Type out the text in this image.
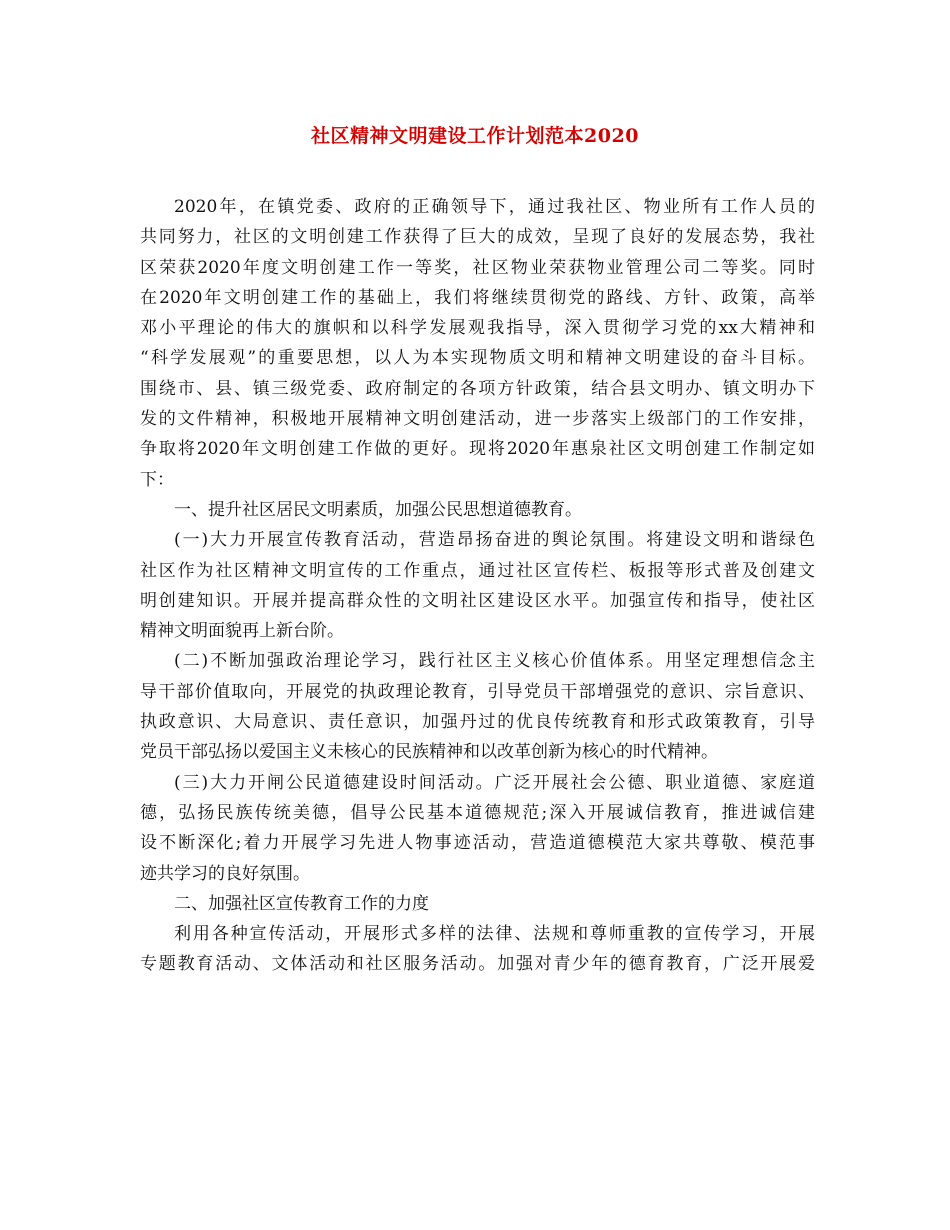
社区精神文明建设工作计划范本2020
2020年，在镇党委、政府的正确领导下，通过我社区、物业所有工作人员的
共同努力，社区的文明创建工作获得了巨大的成效，呈现了良好的发展态势，我社
区荣获2020年度文明创建工作一等奖，社区物业荣获物业管理公司二等奖。同时
在2020年文明创建工作的基础上，我们将继续贯彻党的路线、方针、政策，高举
邓小平理论的伟大的旗帜和以科学发展观我指导，深入贯彻学习党的xx大精神和
“科学发展观”的重要思想，以人为本实现物质文明和精神文明建设的奋斗目标。
围绕市、县、镇三级党委、政府制定的各项方针政策，结合县文明办、镇文明办下
发的文件精神，积极地开展精神文明创建活动，进一步落实上级部门的工作安排，
争取将2020年文明创建工作做的更好。现将2020年惠泉社区文明创建工作制定如
下：
一、提升社区居民文明素质，加强公民思想道德教育。
(一)大力开展宣传教育活动，营造昂扬奋进的舆论氛围。将建设文明和谐绿色
社区作为社区精神文明宣传的工作重点，通过社区宣传栏、板报等形式普及创建文
明创建知识。开展并提高群众性的文明社区建设区水平。加强宣传和指导，使社区
精神文明面貌再上新台阶。
(二)不断加强政治理论学习，践行社区主义核心价值体系。用坚定理想信念主
导干部价值取向，开展党的执政理论教育，引导党员干部增强党的意识、宗旨意识、
执政意识、大局意识、责任意识，加强丹过的优良传统教育和形式政策教育，引导
党员干部弘扬以爱国主义未核心的民族精神和以改革创新为核心的时代精神。
(三)大力开闸公民道德建设时间活动。广泛开展社会公德、职业道德、家庭道
德，弘扬民族传统美德，倡导公民基本道德规范;深入开展诚信教育，推进诚信建
设不断深化;着力开展学习先进人物事迹活动，营造道德模范大家共尊敬、模范事
迹共学习的良好氛围。
二、加强社区宣传教育工作的力度
利用各种宣传活动，开展形式多样的法律、法规和尊师重教的宣传学习，开展
专题教育活动、文体活动和社区服务活动。加强对青少年的德育教育，广泛开展爱
